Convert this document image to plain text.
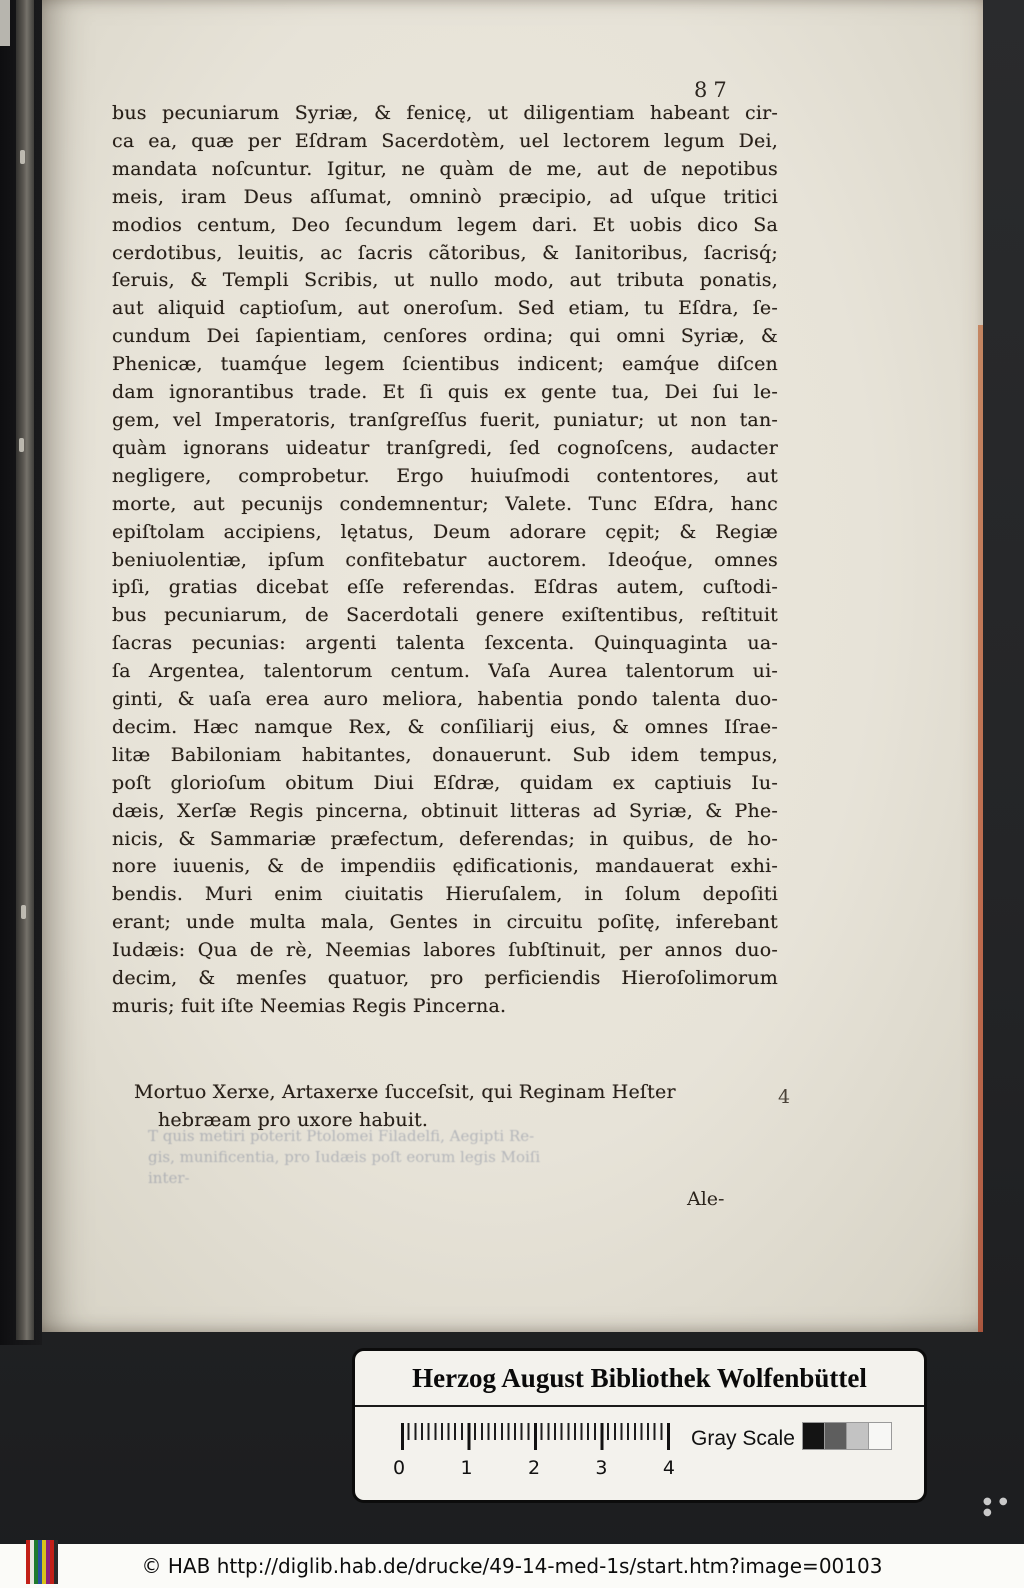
87
bus pecuniarum Syriæ, & fenicę, ut diligentiam habeant cir-
ca ea, quæ per Eſdram Sacerdotèm, uel lectorem legum Dei,
mandata noſcuntur. Igitur, ne quàm de me, aut de nepotibus
meis, iram Deus aſſumat, omninò præcipio, ad uſque tritici
modios centum, Deo ſecundum legem dari. Et uobis dico Sa
cerdotibus, leuitis, ac ſacris cãtoribus, & Ianitoribus, ſacrisq́;
ſeruis, & Templi Scribis, ut nullo modo, aut tributa ponatis,
aut aliquid captioſum, aut oneroſum. Sed etiam, tu Eſdra, ſe-
cundum Dei ſapientiam, cenſores ordina; qui omni Syriæ, &
Phenicæ, tuamq́ue legem ſcientibus indicent; eamq́ue diſcen
dam ignorantibus trade. Et ſi quis ex gente tua, Dei ſui le-
gem, vel Imperatoris, tranſgreſſus fuerit, puniatur; ut non tan-
quàm ignorans uideatur tranſgredi, ſed cognoſcens, audacter
negligere, comprobetur. Ergo huiuſmodi contentores, aut
morte, aut pecunijs condemnentur; Valete. Tunc Eſdra, hanc
epiſtolam accipiens, lętatus, Deum adorare cępit; & Regiæ
beniuolentiæ, ipſum confitebatur auctorem. Ideoq́ue, omnes
ipſi, gratias dicebat eſſe referendas. Eſdras autem, cuſtodi-
bus pecuniarum, de Sacerdotali genere exiſtentibus, reſtituit
ſacras pecunias: argenti talenta ſexcenta. Quinquaginta ua-
ſa Argentea, talentorum centum. Vaſa Aurea talentorum ui-
ginti, & uaſa erea auro meliora, habentia pondo talenta duo-
decim. Hæc namque Rex, & conſiliarij eius, & omnes Iſrae-
litæ Babiloniam habitantes, donauerunt. Sub idem tempus,
poſt glorioſum obitum Diui Eſdræ, quidam ex captiuis Iu-
dæis, Xerſæ Regis pincerna, obtinuit litteras ad Syriæ, & Phe-
nicis, & Sammariæ præfectum, deferendas; in quibus, de ho-
nore iuuenis, & de impendiis ędificationis, mandauerat exhi-
bendis. Muri enim ciuitatis Hieruſalem, in ſolum depoſiti
erant; unde multa mala, Gentes in circuitu poſitę, inferebant
Iudæis: Qua de rè, Neemias labores ſubſtinuit, per annos duo-
decim, & menſes quatuor, pro perficiendis Hieroſolimorum
muris; fuit iſte Neemias Regis Pincerna.
Mortuo Xerxe, Artaxerxe ſucceſsit, qui Reginam Heſter
hebræam pro uxore habuit.
4
T quis metiri poterit Ptolomei Filadelfi, Aegipti Re-
gis, munificentia, pro Iudæis poſt eorum legis Moiſi
inter-
Ale-
Herzog August Bibliothek Wolfenbüttel
0	1	2	3	4
Gray Scale
● ● ●
© HAB http://diglib.hab.de/drucke/49-14-med-1s/start.htm?image=00103
